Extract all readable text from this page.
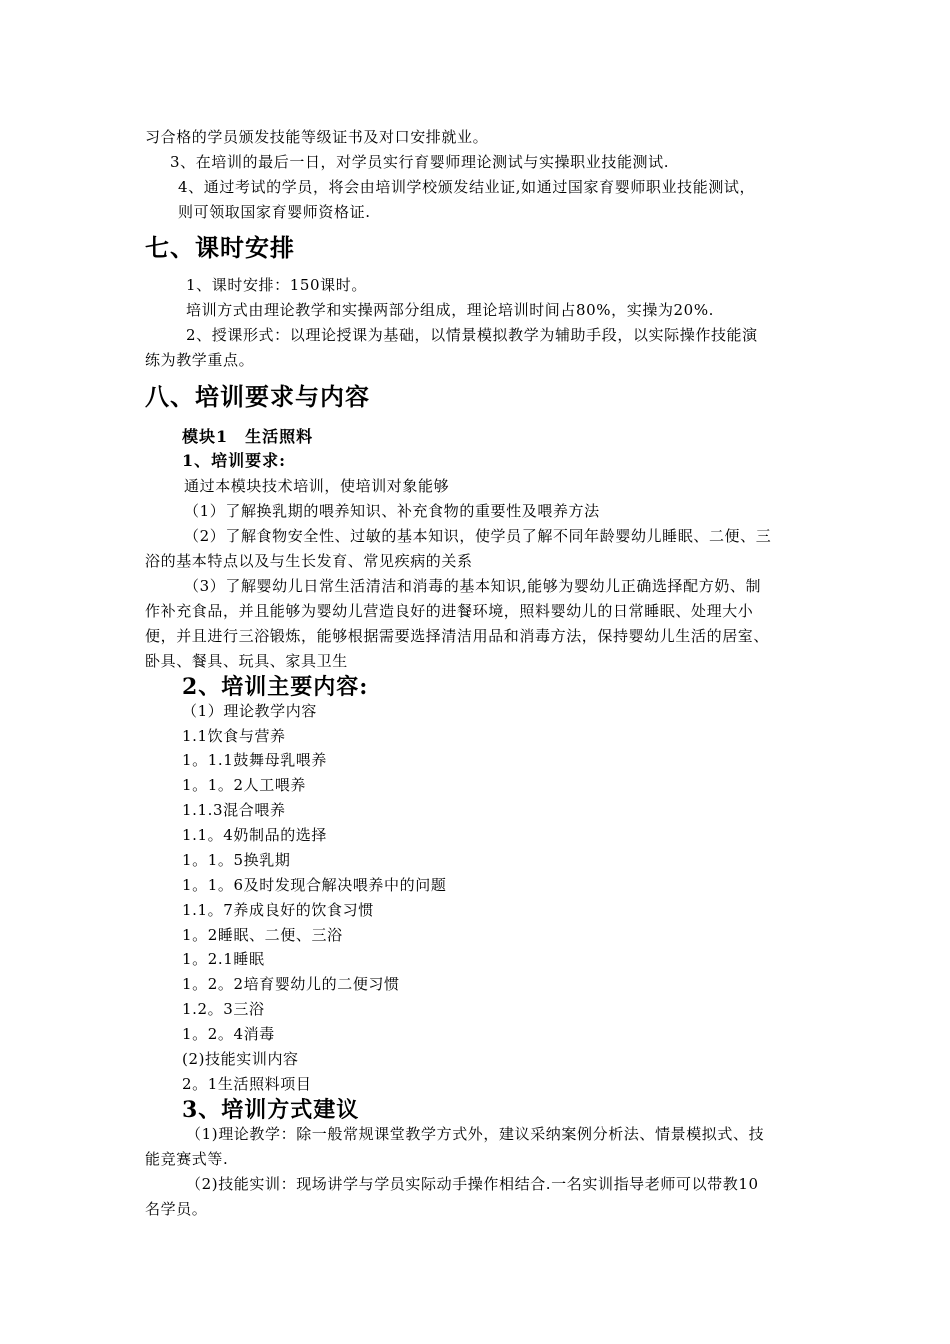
习合格的学员颁发技能等级证书及对口安排就业。
3、在培训的最后一日，对学员实行育婴师理论测试与实操职业技能测试.
4、通过考试的学员，将会由培训学校颁发结业证,如通过国家育婴师职业技能测试，
则可领取国家育婴师资格证.
七、课时安排
1、课时安排：150课时。
培训方式由理论教学和实操两部分组成，理论培训时间占80%，实操为20%.
2、授课形式：以理论授课为基础，以情景模拟教学为辅助手段，以实际操作技能演
练为教学重点。
八、培训要求与内容
模块1　生活照料
1、培训要求:
通过本模块技术培训，使培训对象能够
（1）了解换乳期的喂养知识、补充食物的重要性及喂养方法
（2）了解食物安全性、过敏的基本知识，使学员了解不同年龄婴幼儿睡眠、二便、三
浴的基本特点以及与生长发育、常见疾病的关系
（3）了解婴幼儿日常生活清洁和消毒的基本知识,能够为婴幼儿正确选择配方奶、制
作补充食品，并且能够为婴幼儿营造良好的进餐环境，照料婴幼儿的日常睡眠、处理大小
便，并且进行三浴锻炼，能够根据需要选择清洁用品和消毒方法，保持婴幼儿生活的居室、
卧具、餐具、玩具、家具卫生
2、培训主要内容:
（1）理论教学内容
1.1饮食与营养
1。1.1鼓舞母乳喂养
1。1。2人工喂养
1.1.3混合喂养
1.1。4奶制品的选择
1。1。5换乳期
1。1。6及时发现合解决喂养中的问题
1.1。7养成良好的饮食习惯
1。2睡眠、二便、三浴
1。2.1睡眠
1。2。2培育婴幼儿的二便习惯
1.2。3三浴
1。2。4消毒
(2)技能实训内容
2。1生活照料项目
3、培训方式建议
（1)理论教学：除一般常规课堂教学方式外，建议采纳案例分析法、情景模拟式、技
能竞赛式等.
（2)技能实训：现场讲学与学员实际动手操作相结合.一名实训指导老师可以带教10
名学员。
